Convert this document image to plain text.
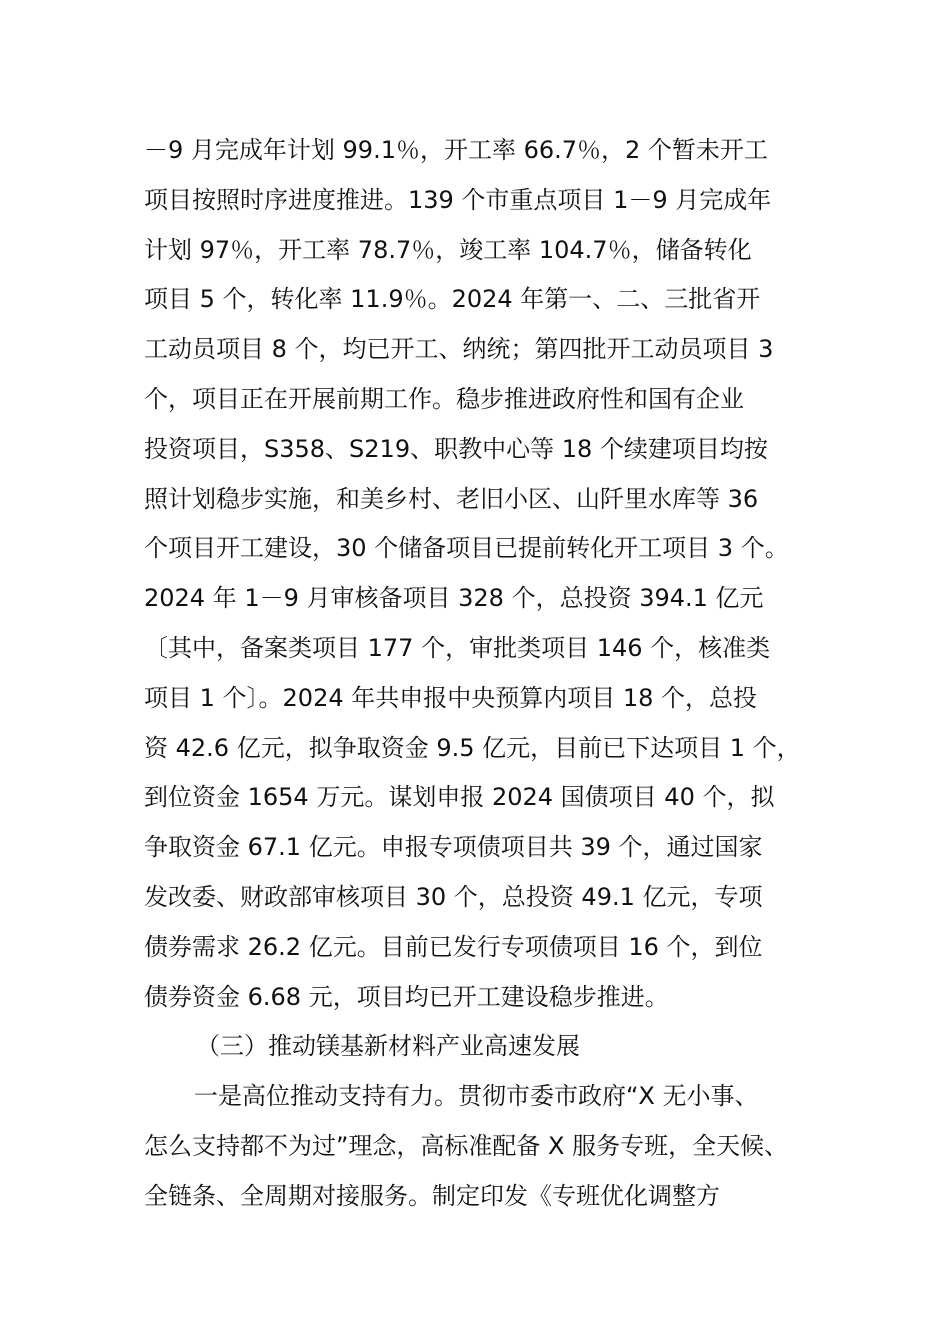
－9 月完成年计划 99.1％，开工率 66.7％，2 个暂未开工
项目按照时序进度推进。139 个市重点项目 1－9 月完成年
计划 97％，开工率 78.7％，竣工率 104.7％，储备转化
项目 5 个，转化率 11.9％。2024 年第一、二、三批省开
工动员项目 8 个，均已开工、纳统；第四批开工动员项目 3
个，项目正在开展前期工作。稳步推进政府性和国有企业
投资项目，S358、S219、职教中心等 18 个续建项目均按
照计划稳步实施，和美乡村、老旧小区、山阡里水库等 36
个项目开工建设，30 个储备项目已提前转化开工项目 3 个。
2024 年 1－9 月审核备项目 328 个，总投资 394.1 亿元
〔其中，备案类项目 177 个，审批类项目 146 个，核准类
项目 1 个〕。2024 年共申报中央预算内项目 18 个，总投
资 42.6 亿元，拟争取资金 9.5 亿元，目前已下达项目 1 个，
到位资金 1654 万元。谋划申报 2024 国债项目 40 个，拟
争取资金 67.1 亿元。申报专项债项目共 39 个，通过国家
发改委、财政部审核项目 30 个，总投资 49.1 亿元，专项
债券需求 26.2 亿元。目前已发行专项债项目 16 个，到位
债券资金 6.68 元，项目均已开工建设稳步推进。
（三）推动镁基新材料产业高速发展
一是高位推动支持有力。贯彻市委市政府“X 无小事、
怎么支持都不为过”理念，高标准配备 X 服务专班，全天候、
全链条、全周期对接服务。制定印发《专班优化调整方
